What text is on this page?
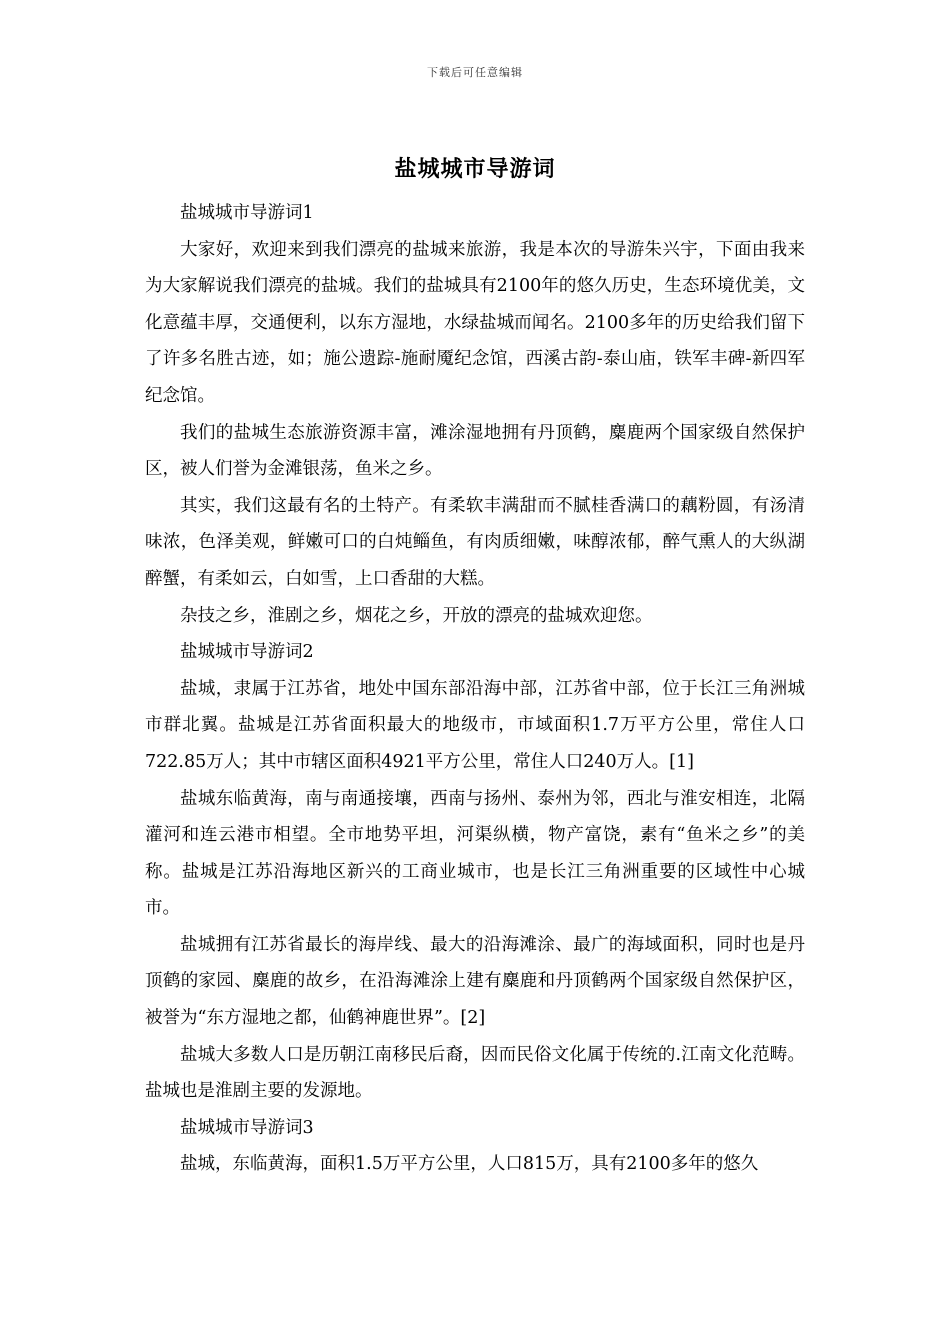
下载后可任意编辑
盐城城市导游词

盐城城市导游词1

大家好，欢迎来到我们漂亮的盐城来旅游，我是本次的导游朱兴宇，下面由我来为大家解说我们漂亮的盐城。我们的盐城具有2100年的悠久历史，生态环境优美，文化意蕴丰厚，交通便利，以东方湿地，水绿盐城而闻名。2100多年的历史给我们留下了许多名胜古迹，如；施公遗踪-施耐魇纪念馆，西溪古韵-泰山庙，铁军丰碑-新四军纪念馆。

我们的盐城生态旅游资源丰富，滩涂湿地拥有丹顶鹤，麋鹿两个国家级自然保护区，被人们誉为金滩银荡，鱼米之乡。

其实，我们这最有名的土特产。有柔软丰满甜而不腻桂香满口的藕粉圆，有汤清味浓，色泽美观，鲜嫩可口的白炖鲻鱼，有肉质细嫩，味醇浓郁，醉气熏人的大纵湖醉蟹，有柔如云，白如雪，上口香甜的大糕。

杂技之乡，淮剧之乡，烟花之乡，开放的漂亮的盐城欢迎您。

盐城城市导游词2

盐城，隶属于江苏省，地处中国东部沿海中部，江苏省中部，位于长江三角洲城市群北翼。盐城是江苏省面积最大的地级市，市域面积1.7万平方公里，常住人口722.85万人；其中市辖区面积4921平方公里，常住人口240万人。[1]

盐城东临黄海，南与南通接壤，西南与扬州、泰州为邻，西北与淮安相连，北隔灌河和连云港市相望。全市地势平坦，河渠纵横，物产富饶，素有“鱼米之乡”的美称。盐城是江苏沿海地区新兴的工商业城市，也是长江三角洲重要的区域性中心城市。

盐城拥有江苏省最长的海岸线、最大的沿海滩涂、最广的海域面积，同时也是丹顶鹤的家园、麋鹿的故乡，在沿海滩涂上建有麋鹿和丹顶鹤两个国家级自然保护区，被誉为“东方湿地之都，仙鹤神鹿世界”。[2]

盐城大多数人口是历朝江南移民后裔，因而民俗文化属于传统的.江南文化范畴。盐城也是淮剧主要的发源地。

盐城城市导游词3

盐城，东临黄海，面积1.5万平方公里，人口815万，具有2100多年的悠久
